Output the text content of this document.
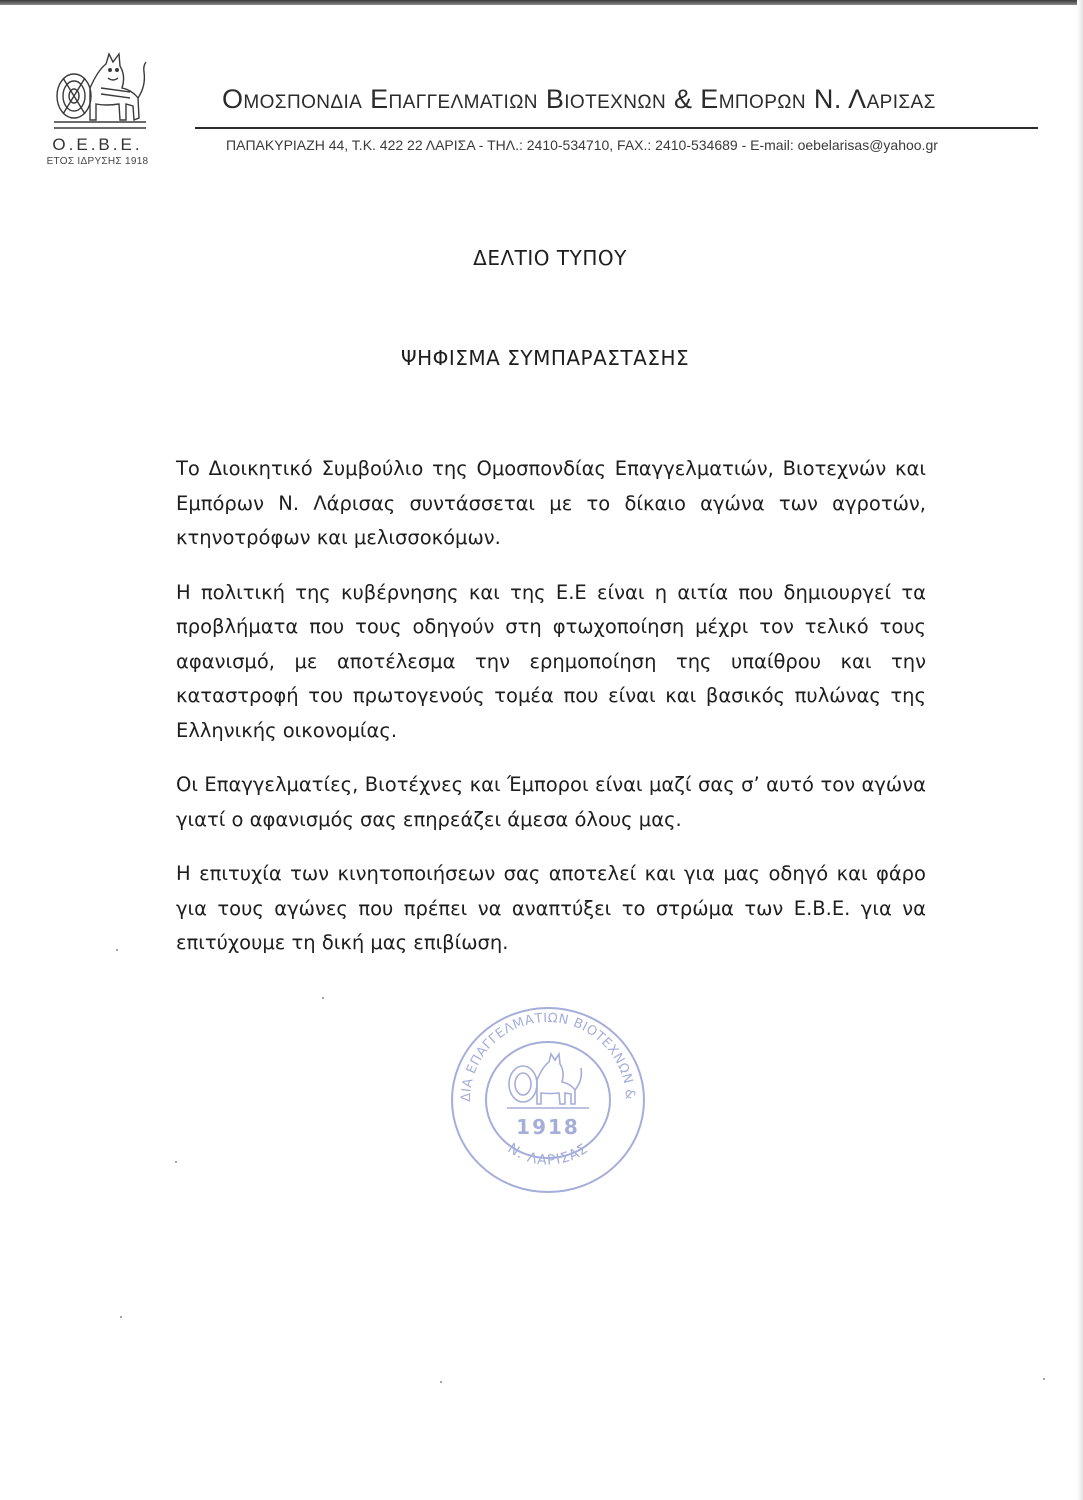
Ο.Ε.Β.Ε.
ΕΤΟΣ ΙΔΡΥΣΗΣ 1918
Ομοσπονδια Επαγγελματιων Βιοτεχνων & Εμπορων Ν. Λαρισας
ΠΑΠΑΚΥΡΙΑΖΗ 44, Τ.Κ. 422 22 ΛΑΡΙΣΑ - ΤΗΛ.: 2410-534710, FAX.: 2410-534689 - E-mail: oebelarisas@yahoo.gr
ΔΕΛΤΙΟ ΤΥΠΟΥ
ΨΗΦΙΣΜΑ ΣΥΜΠΑΡΑΣΤΑΣΗΣ

Το Διοικητικό Συμβούλιο της Ομοσπονδίας Επαγγελματιών, Βιοτεχνών και Εμπόρων Ν. Λάρισας συντάσσεται με το δίκαιο αγώνα των αγροτών, κτηνοτρόφων και μελισσοκόμων.

Η πολιτική της κυβέρνησης και της Ε.Ε είναι η αιτία που δημιουργεί τα προβλήματα που τους οδηγούν στη φτωχοποίηση μέχρι τον τελικό τους αφανισμό, με αποτέλεσμα την ερημοποίηση της υπαίθρου και την καταστροφή του πρωτογενούς τομέα που είναι και βασικός πυλώνας της Ελληνικής οικονομίας.

Οι Επαγγελματίες, Βιοτέχνες και Έμποροι είναι μαζί σας σ’ αυτό τον αγώνα γιατί ο αφανισμός σας επηρεάζει άμεσα όλους μας.

Η επιτυχία των κινητοποιήσεων σας αποτελεί και για μας οδηγό και φάρο για τους αγώνες που πρέπει να αναπτύξει το στρώμα των Ε.Β.Ε. για να επιτύχουμε τη δική μας επιβίωση.

ΔΙΑ ΕΠΑΓΓΕΛΜΑΤΙΩΝ ΒΙΟΤΕΧΝΩΝ &
Ν. ΛΑΡΙΣΑΣ
1918
